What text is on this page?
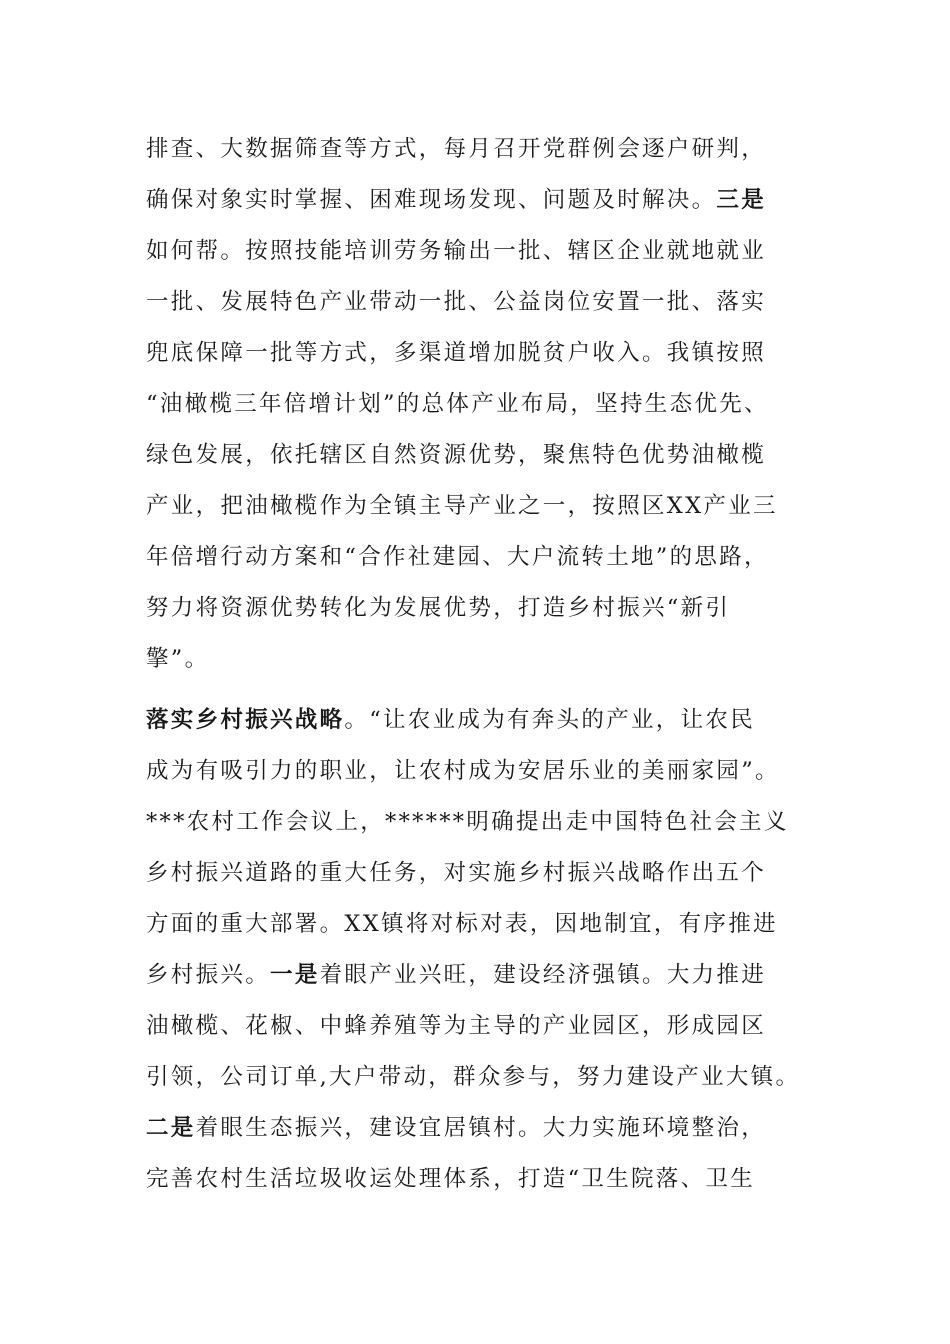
排查、大数据筛查等方式，每月召开党群例会逐户研判，
确保对象实时掌握、困难现场发现、问题及时解决。三是
如何帮。按照技能培训劳务输出一批、辖区企业就地就业
一批、发展特色产业带动一批、公益岗位安置一批、落实
兜底保障一批等方式，多渠道增加脱贫户收入。我镇按照
“油橄榄三年倍增计划”的总体产业布局，坚持生态优先、
绿色发展，依托辖区自然资源优势，聚焦特色优势油橄榄
产业，把油橄榄作为全镇主导产业之一，按照区XX产业三
年倍增行动方案和“合作社建园、大户流转土地”的思路，
努力将资源优势转化为发展优势，打造乡村振兴“新引
擎”。
落实乡村振兴战略。“让农业成为有奔头的产业，让农民
成为有吸引力的职业，让农村成为安居乐业的美丽家园”。
***农村工作会议上，******明确提出走中国特色社会主义
乡村振兴道路的重大任务，对实施乡村振兴战略作出五个
方面的重大部署。XX镇将对标对表，因地制宜，有序推进
乡村振兴。一是着眼产业兴旺，建设经济强镇。大力推进
油橄榄、花椒、中蜂养殖等为主导的产业园区，形成园区
引领，公司订单,大户带动，群众参与，努力建设产业大镇。
二是着眼生态振兴，建设宜居镇村。大力实施环境整治，
完善农村生活垃圾收运处理体系，打造“卫生院落、卫生
